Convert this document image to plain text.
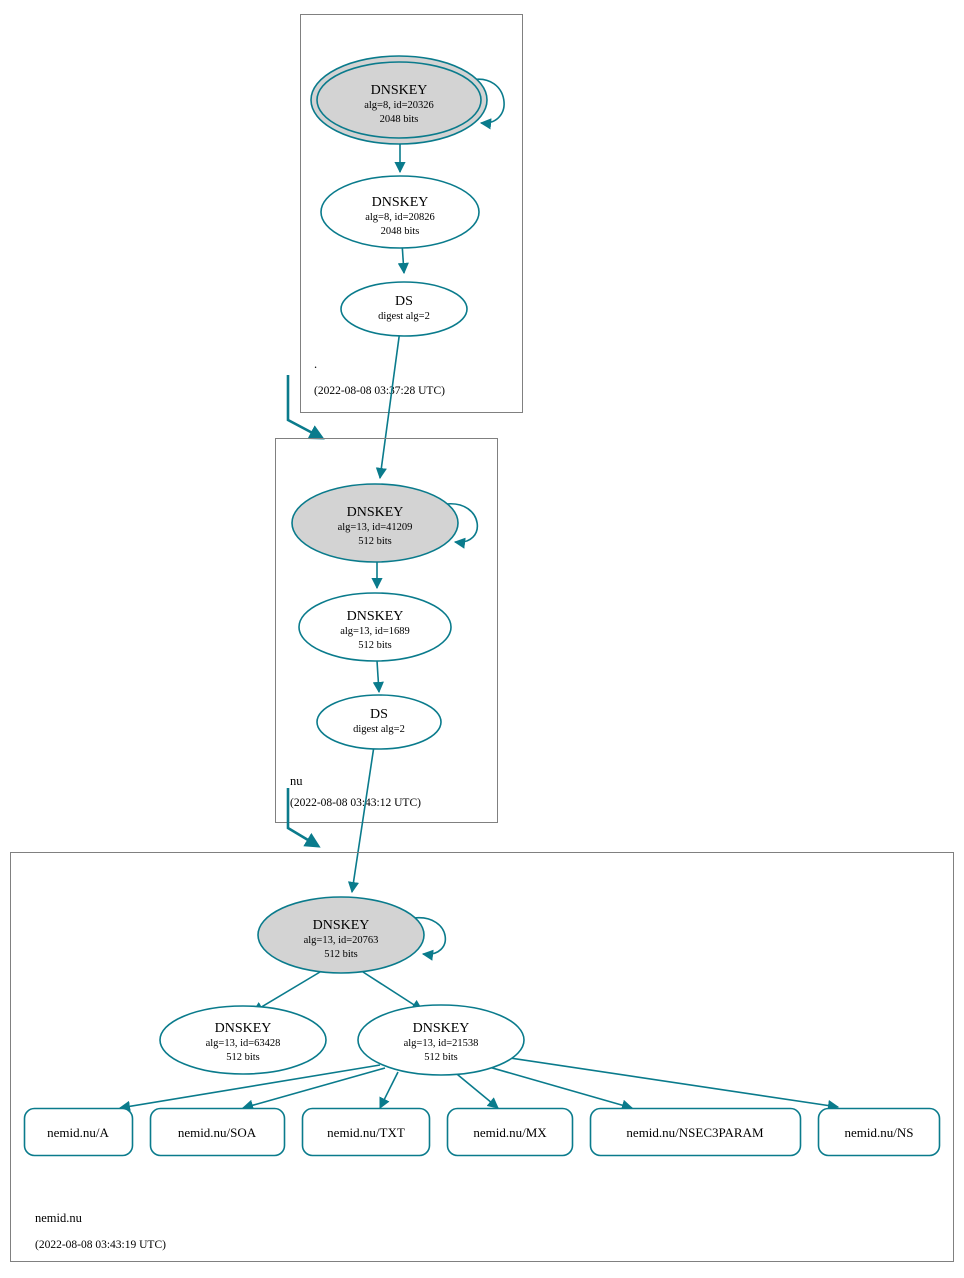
.
(2022-08-08 03:37:28 UTC)
DNSKEY
alg=8, id=20326
2048 bits
DNSKEY
alg=8, id=20826
2048 bits
DS
digest alg=2
nu
(2022-08-08 03:43:12 UTC)
DNSKEY
alg=13, id=41209
512 bits
DNSKEY
alg=13, id=1689
512 bits
DS
digest alg=2
nemid.nu
(2022-08-08 03:43:19 UTC)
DNSKEY
alg=13, id=20763
512 bits
DNSKEY
alg=13, id=63428
512 bits
DNSKEY
alg=13, id=21538
512 bits
nemid.nu/A	nemid.nu/SOA	nemid.nu/TXT	nemid.nu/MX	nemid.nu/NSEC3PARAM	nemid.nu/NS
